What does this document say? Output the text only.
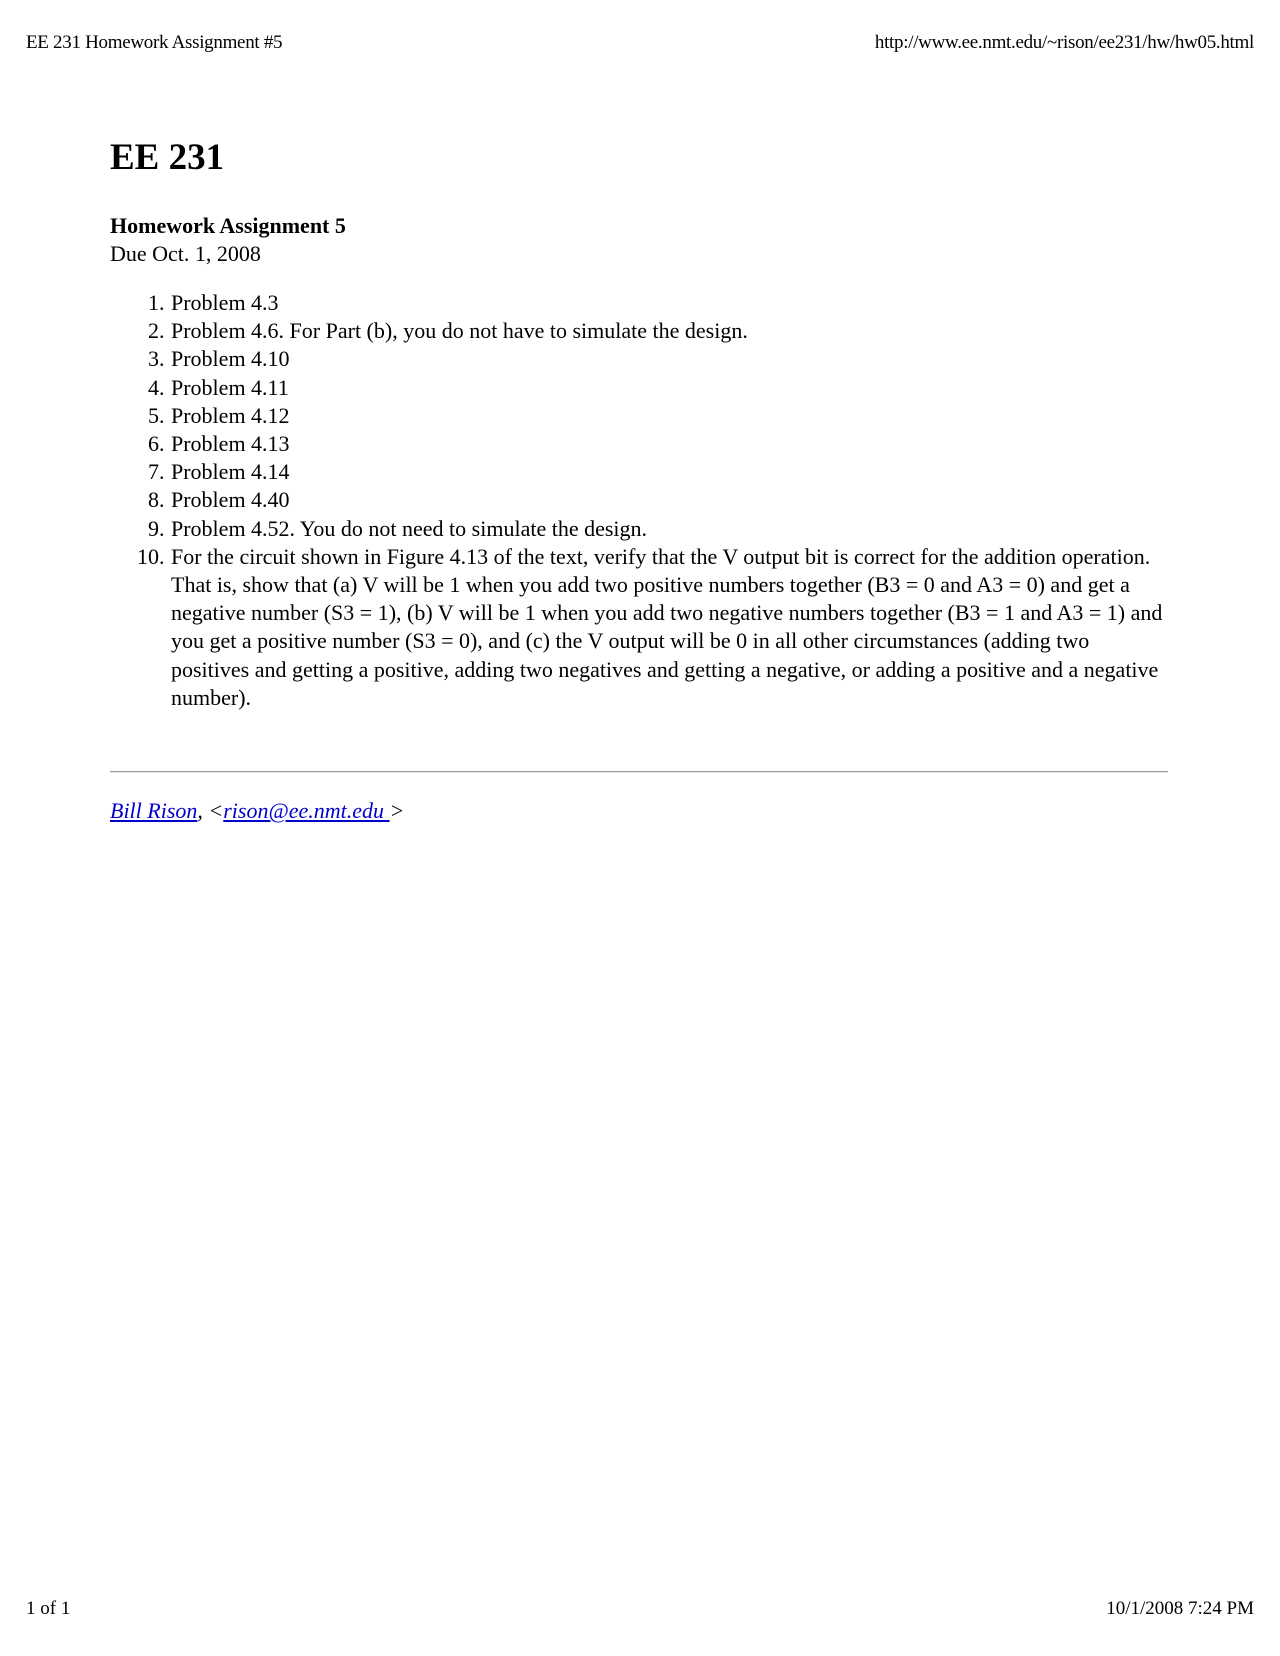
EE 231 Homework Assignment #5	http://www.ee.nmt.edu/~rison/ee231/hw/hw05.html
EE 231
Homework Assignment 5
Due Oct. 1, 2008
1. Problem 4.3
2. Problem 4.6. For Part (b), you do not have to simulate the design.
3. Problem 4.10
4. Problem 4.11
5. Problem 4.12
6. Problem 4.13
7. Problem 4.14
8. Problem 4.40
9. Problem 4.52. You do not need to simulate the design.
10. For the circuit shown in Figure 4.13 of the text, verify that the V output bit is correct for the addition operation. That is, show that (a) V will be 1 when you add two positive numbers together (B3 = 0 and A3 = 0) and get a negative number (S3 = 1), (b) V will be 1 when you add two negative numbers together (B3 = 1 and A3 = 1) and you get a positive number (S3 = 0), and (c) the V output will be 0 in all other circumstances (adding two positives and getting a positive, adding two negatives and getting a negative, or adding a positive and a negative number).
Bill Rison, <rison@ee.nmt.edu >
1 of 1	10/1/2008 7:24 PM
